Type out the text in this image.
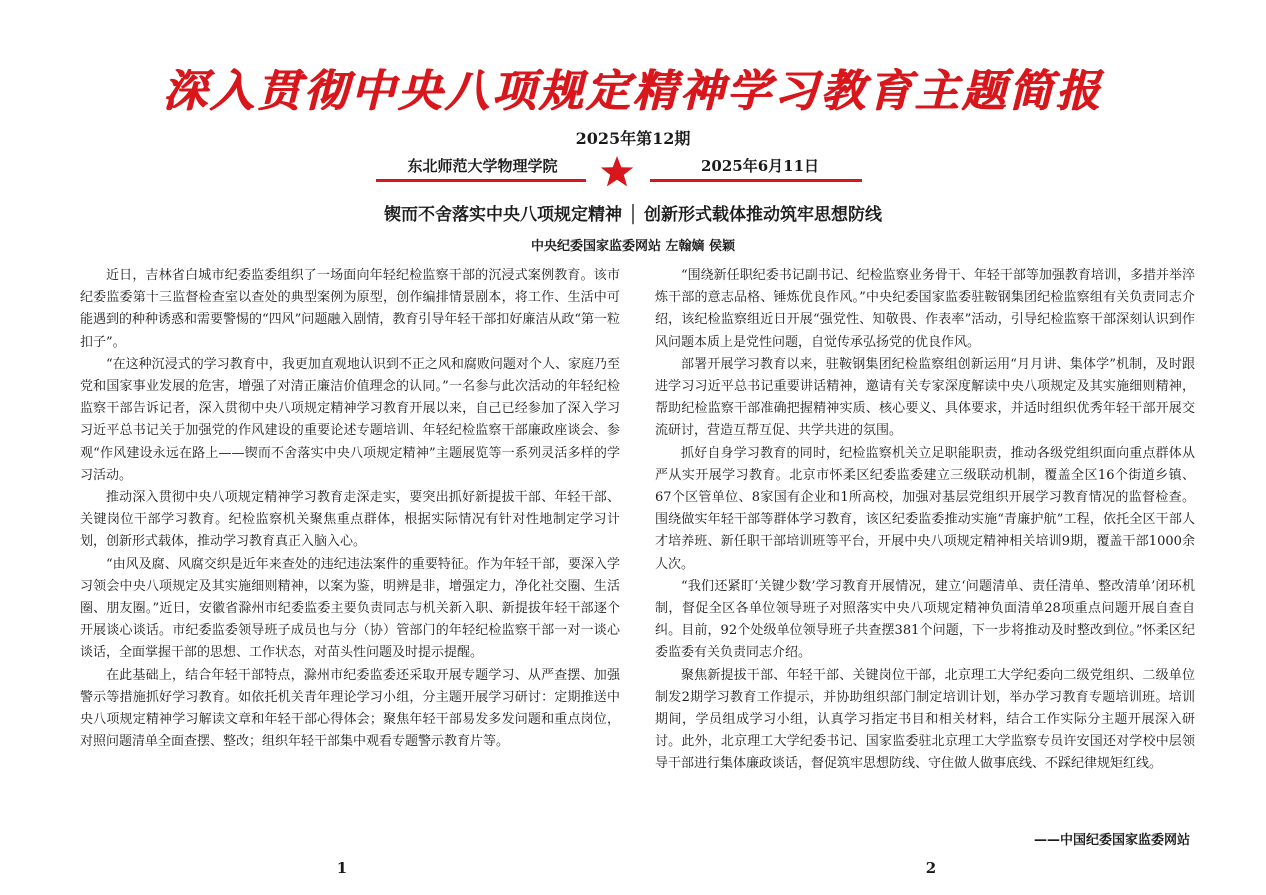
深入贯彻中央八项规定精神学习教育主题简报
2025年第12期
东北师范大学物理学院	2025年6月11日
锲而不舍落实中央八项规定精神 │ 创新形式载体推动筑牢思想防线
中央纪委国家监委网站 左翰嫡 侯颖

近日，吉林省白城市纪委监委组织了一场面向年轻纪检监察干部的沉浸式案例教育。该市纪委监委第十三监督检查室以查处的典型案例为原型，创作编排情景剧本，将工作、生活中可能遇到的种种诱惑和需要警惕的“四风”问题融入剧情，教育引导年轻干部扣好廉洁从政“第一粒扣子”。

“在这种沉浸式的学习教育中，我更加直观地认识到不正之风和腐败问题对个人、家庭乃至党和国家事业发展的危害，增强了对清正廉洁价值理念的认同。”一名参与此次活动的年轻纪检监察干部告诉记者，深入贯彻中央八项规定精神学习教育开展以来，自己已经参加了深入学习习近平总书记关于加强党的作风建设的重要论述专题培训、年轻纪检监察干部廉政座谈会、参观“作风建设永远在路上——锲而不舍落实中央八项规定精神”主题展览等一系列灵活多样的学习活动。

推动深入贯彻中央八项规定精神学习教育走深走实，要突出抓好新提拔干部、年轻干部、关键岗位干部学习教育。纪检监察机关聚焦重点群体，根据实际情况有针对性地制定学习计划，创新形式载体，推动学习教育真正入脑入心。

“由风及腐、风腐交织是近年来查处的违纪违法案件的重要特征。作为年轻干部，要深入学习领会中央八项规定及其实施细则精神，以案为鉴，明辨是非，增强定力，净化社交圈、生活圈、朋友圈。”近日，安徽省滁州市纪委监委主要负责同志与机关新入职、新提拔年轻干部逐个开展谈心谈话。市纪委监委领导班子成员也与分（协）管部门的年轻纪检监察干部一对一谈心谈话，全面掌握干部的思想、工作状态，对苗头性问题及时提示提醒。

在此基础上，结合年轻干部特点，滁州市纪委监委还采取开展专题学习、从严查摆、加强警示等措施抓好学习教育。如依托机关青年理论学习小组，分主题开展学习研讨：定期推送中央八项规定精神学习解读文章和年轻干部心得体会；聚焦年轻干部易发多发问题和重点岗位，对照问题清单全面查摆、整改；组织年轻干部集中观看专题警示教育片等。

“围绕新任职纪委书记副书记、纪检监察业务骨干、年轻干部等加强教育培训，多措并举淬炼干部的意志品格、锤炼优良作风。”中央纪委国家监委驻鞍钢集团纪检监察组有关负责同志介绍，该纪检监察组近日开展“强党性、知敬畏、作表率”活动，引导纪检监察干部深刻认识到作风问题本质上是党性问题，自觉传承弘扬党的优良作风。

部署开展学习教育以来，驻鞍钢集团纪检监察组创新运用“月月讲、集体学”机制，及时跟进学习习近平总书记重要讲话精神，邀请有关专家深度解读中央八项规定及其实施细则精神，帮助纪检监察干部准确把握精神实质、核心要义、具体要求，并适时组织优秀年轻干部开展交流研讨，营造互帮互促、共学共进的氛围。

抓好自身学习教育的同时，纪检监察机关立足职能职责，推动各级党组织面向重点群体从严从实开展学习教育。北京市怀柔区纪委监委建立三级联动机制，覆盖全区16个街道乡镇、67个区管单位、8家国有企业和1所高校，加强对基层党组织开展学习教育情况的监督检查。围绕做实年轻干部等群体学习教育，该区纪委监委推动实施“青廉护航”工程，依托全区干部人才培养班、新任职干部培训班等平台，开展中央八项规定精神相关培训9期，覆盖干部1000余人次。

“我们还紧盯‘关键少数’学习教育开展情况，建立‘问题清单、责任清单、整改清单’闭环机制，督促全区各单位领导班子对照落实中央八项规定精神负面清单28项重点问题开展自查自纠。目前，92个处级单位领导班子共查摆381个问题，下一步将推动及时整改到位。”怀柔区纪委监委有关负责同志介绍。

聚焦新提拔干部、年轻干部、关键岗位干部，北京理工大学纪委向二级党组织、二级单位制发2期学习教育工作提示，并协助组织部门制定培训计划，举办学习教育专题培训班。培训期间，学员组成学习小组，认真学习指定书目和相关材料，结合工作实际分主题开展深入研讨。此外，北京理工大学纪委书记、国家监委驻北京理工大学监察专员许安国还对学校中层领导干部进行集体廉政谈话，督促筑牢思想防线、守住做人做事底线、不踩纪律规矩红线。

——中国纪委国家监委网站
1	2
